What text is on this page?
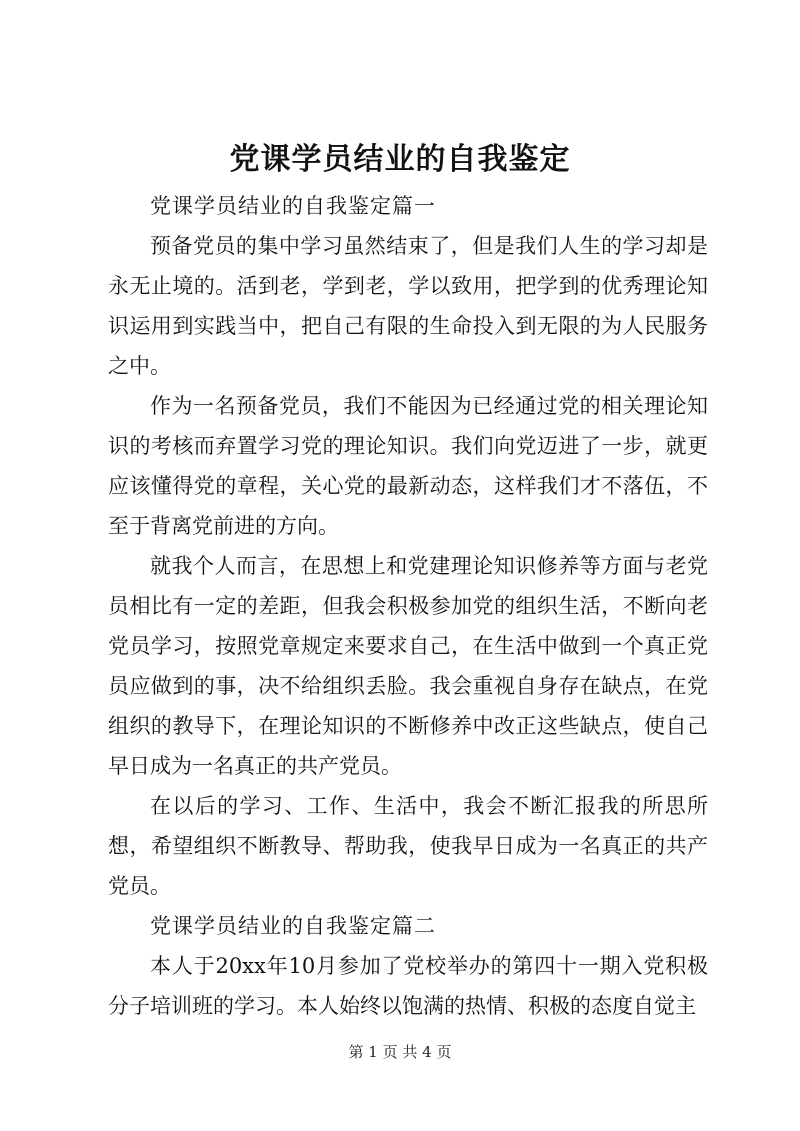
党课学员结业的自我鉴定

党课学员结业的自我鉴定篇一

预备党员的集中学习虽然结束了，但是我们人生的学习却是永无止境的。活到老，学到老，学以致用，把学到的优秀理论知识运用到实践当中，把自己有限的生命投入到无限的为人民服务之中。

作为一名预备党员，我们不能因为已经通过党的相关理论知识的考核而弃置学习党的理论知识。我们向党迈进了一步，就更应该懂得党的章程，关心党的最新动态，这样我们才不落伍，不至于背离党前进的方向。

就我个人而言，在思想上和党建理论知识修养等方面与老党员相比有一定的差距，但我会积极参加党的组织生活，不断向老党员学习，按照党章规定来要求自己，在生活中做到一个真正党员应做到的事，决不给组织丢脸。我会重视自身存在缺点，在党组织的教导下，在理论知识的不断修养中改正这些缺点，使自己早日成为一名真正的共产党员。

在以后的学习、工作、生活中，我会不断汇报我的所思所想，希望组织不断教导、帮助我，使我早日成为一名真正的共产党员。

党课学员结业的自我鉴定篇二

本人于20xx年10月参加了党校举办的第四十一期入党积极分子培训班的学习。本人始终以饱满的热情、积极的态度自觉主

第 1 页 共 4 页
